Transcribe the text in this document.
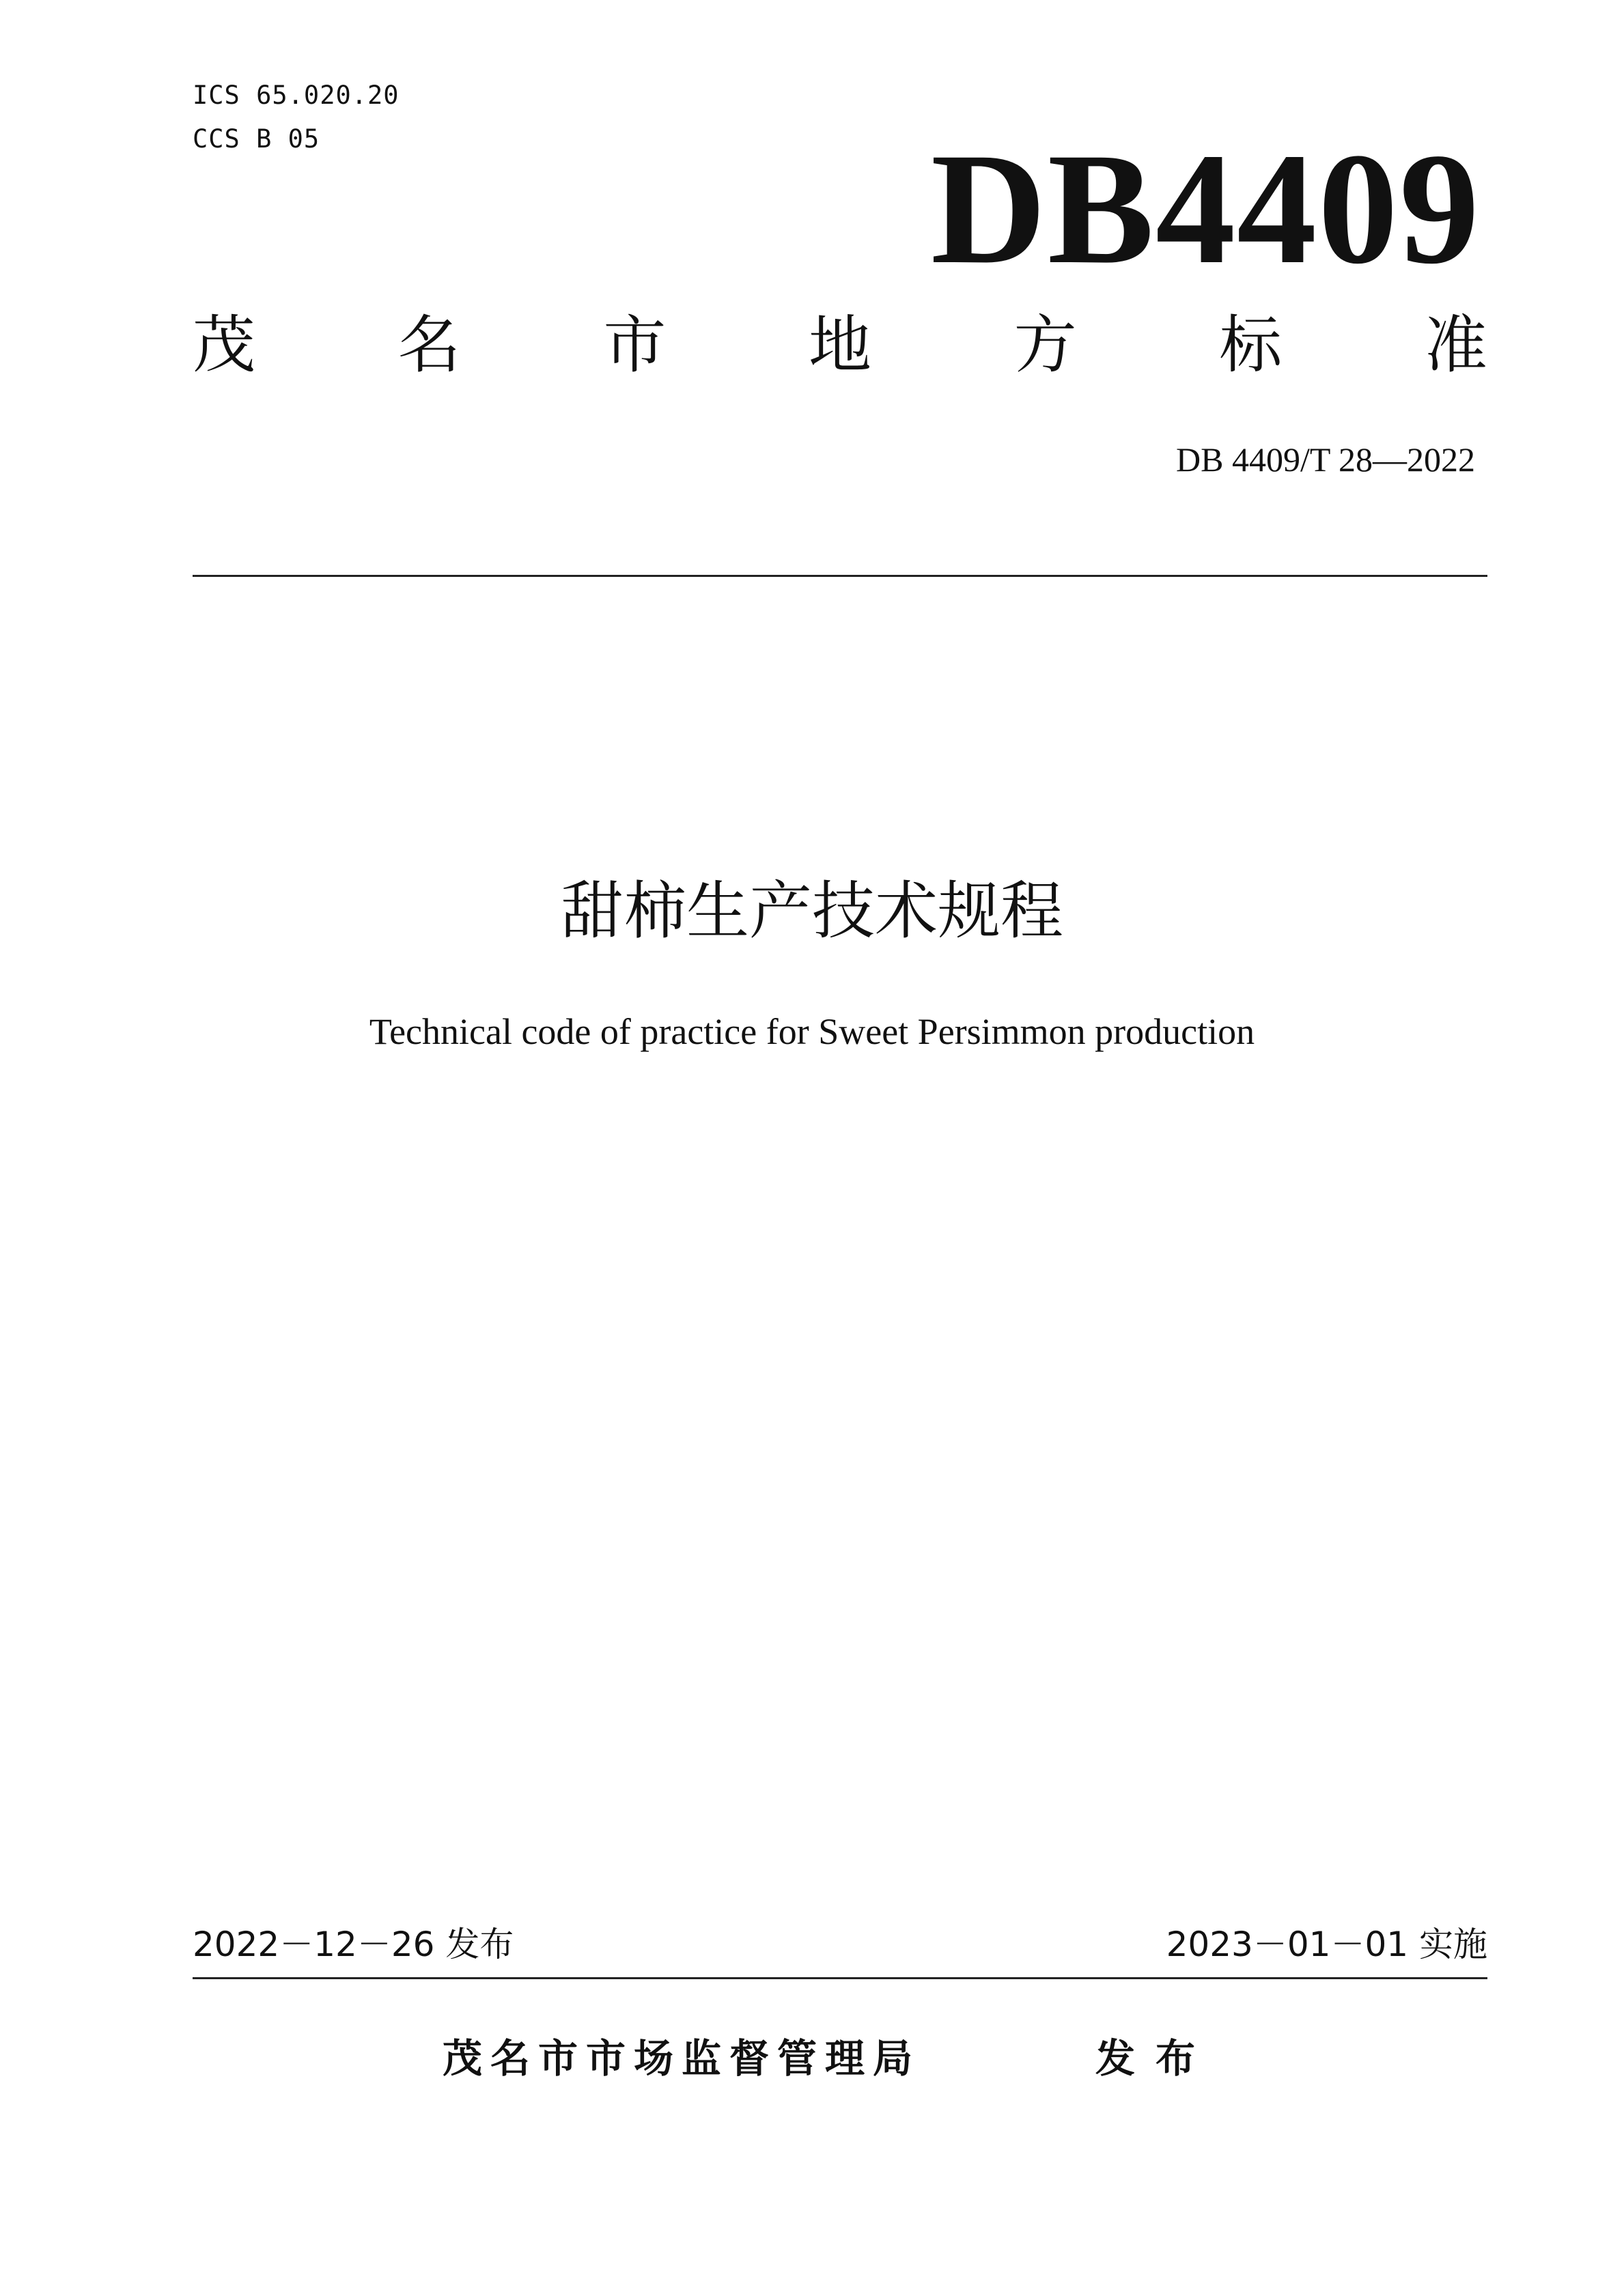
ICS 65.020.20
CCS B 05	DB4409
茂 名 市 地 方 标 准
DB 4409/T 28—2022
甜柿生产技术规程
Technical code of practice for Sweet Persimmon production
2022－12－26 发布	2023－01－01 实施
茂名市市场监督管理局	发布
